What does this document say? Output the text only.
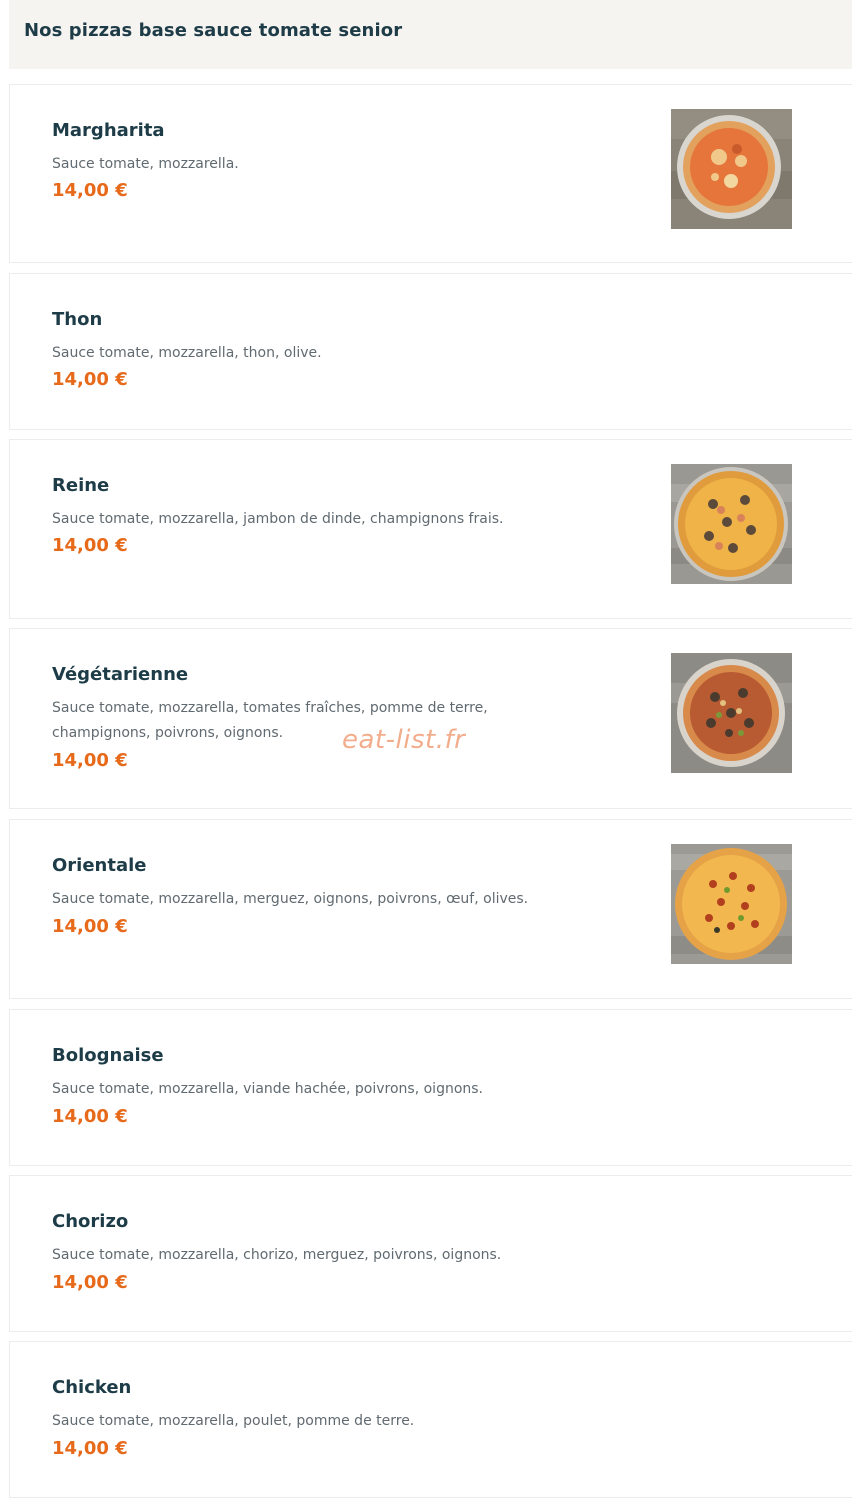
Nos pizzas base sauce tomate senior
Margharita
Sauce tomate, mozzarella.
14,00 €
Thon
Sauce tomate, mozzarella, thon, olive.
14,00 €
Reine
Sauce tomate, mozzarella, jambon de dinde, champignons frais.
14,00 €
Végétarienne
Sauce tomate, mozzarella, tomates fraîches, pomme de terre, champignons, poivrons, oignons.
14,00 €
Orientale
Sauce tomate, mozzarella, merguez, oignons, poivrons, œuf, olives.
14,00 €
Bolognaise
Sauce tomate, mozzarella, viande hachée, poivrons, oignons.
14,00 €
Chorizo
Sauce tomate, mozzarella, chorizo, merguez, poivrons, oignons.
14,00 €
Chicken
Sauce tomate, mozzarella, poulet, pomme de terre.
14,00 €
eat-list.fr
